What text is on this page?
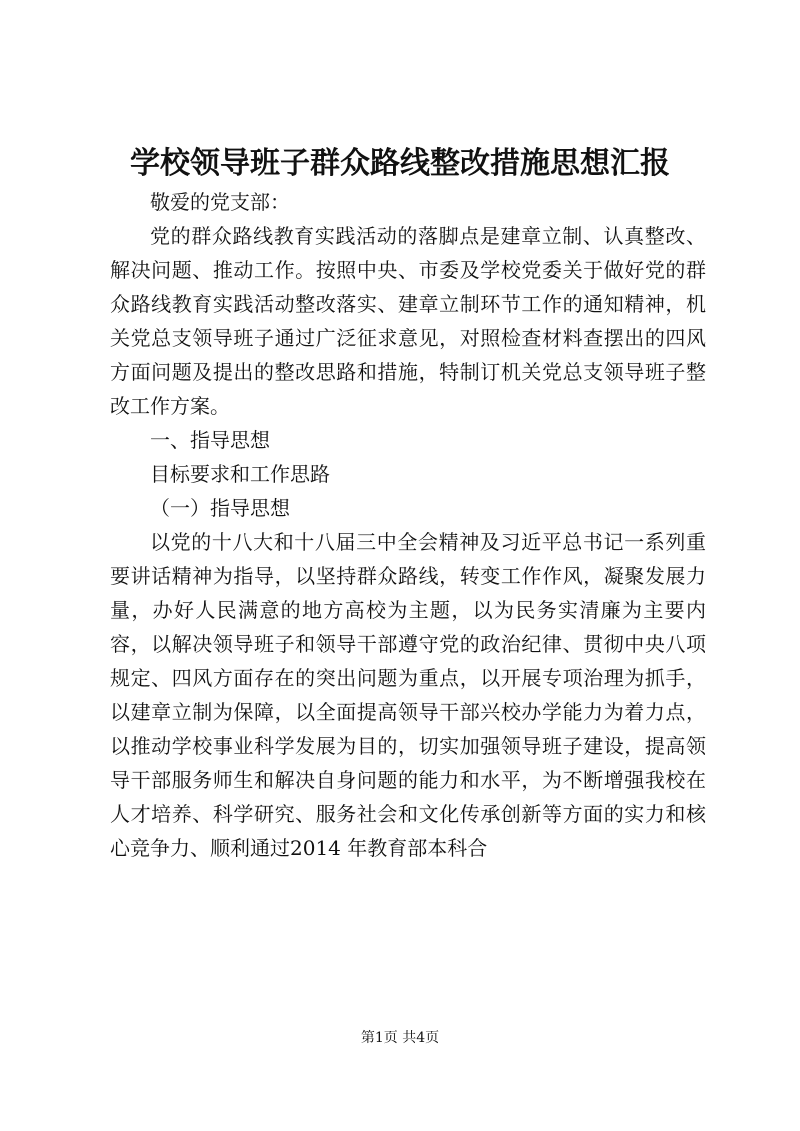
学校领导班子群众路线整改措施思想汇报

敬爱的党支部：

党的群众路线教育实践活动的落脚点是建章立制、认真整改、解决问题、推动工作。按照中央、市委及学校党委关于做好党的群众路线教育实践活动整改落实、建章立制环节工作的通知精神，机关党总支领导班子通过广泛征求意见，对照检查材料查摆出的四风方面问题及提出的整改思路和措施，特制订机关党总支领导班子整改工作方案。

一、指导思想

目标要求和工作思路

（一）指导思想

以党的十八大和十八届三中全会精神及习近平总书记一系列重要讲话精神为指导，以坚持群众路线，转变工作作风，凝聚发展力量，办好人民满意的地方高校为主题，以为民务实清廉为主要内容，以解决领导班子和领导干部遵守党的政治纪律、贯彻中央八项规定、四风方面存在的突出问题为重点，以开展专项治理为抓手，以建章立制为保障，以全面提高领导干部兴校办学能力为着力点，以推动学校事业科学发展为目的，切实加强领导班子建设，提高领导干部服务师生和解决自身问题的能力和水平，为不断增强我校在人才培养、科学研究、服务社会和文化传承创新等方面的实力和核心竞争力、顺利通过2014 年教育部本科合

第1页 共4页
